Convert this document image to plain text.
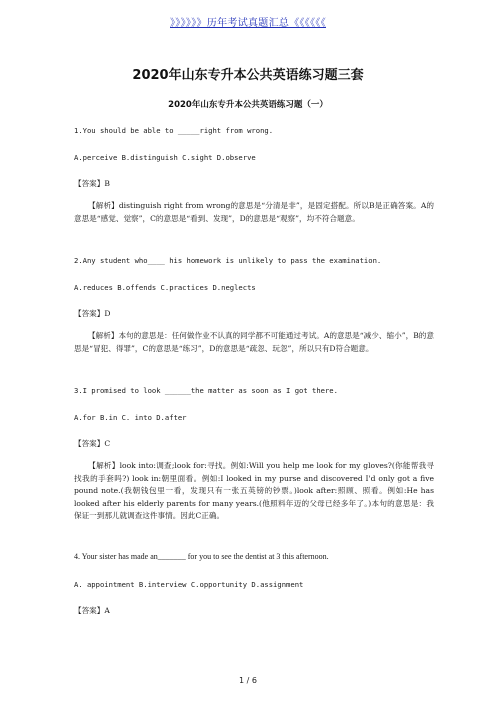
》》》》》》历年考试真题汇总《《《《《《
2020年山东专升本公共英语练习题三套
2020年山东专升本公共英语练习题（一）
1.You should be able to _____right from wrong.
A.perceive B.distinguish C.sight D.observe
【答案】B
【解析】distinguish right from wrong的意思是“分清是非”，是固定搭配。所以B是正确答案。A的意思是“感觉、觉察”，C的意思是“看到、发现”，D的意思是“观察”，均不符合题意。
2.Any student who____ his homework is unlikely to pass the examination.
A.reduces B.offends C.practices D.neglects
【答案】D
【解析】本句的意思是：任何做作业不认真的同学都不可能通过考试。A的意思是“减少、缩小”，B的意思是“冒犯、得罪”，C的意思是“练习”，D的意思是“疏忽、玩忽”，所以只有D符合题意。
3.I promised to look ______the matter as soon as I got there.
A.for B.in C. into D.after
【答案】C
【解析】look into:调查;look for:寻找。例如:Will you help me look for my gloves?(你能帮我寻找我的手套吗?) look in:朝里面看。例如:I looked in my purse and discovered I'd only got a five pound note.(我朝钱包里一看，发现只有一张五英镑的钞票。)look after:照顾、照看。例如:He has looked after his elderly parents for many years.(他照料年迈的父母已经多年了。)本句的意思是：我保证一到那儿就调查这件事情。因此C正确。
4. Your sister has made an_______ for you to see the dentist at 3 this afternoon.
A. appointment B.interview C.opportunity D.assignment
【答案】A
1 / 6
